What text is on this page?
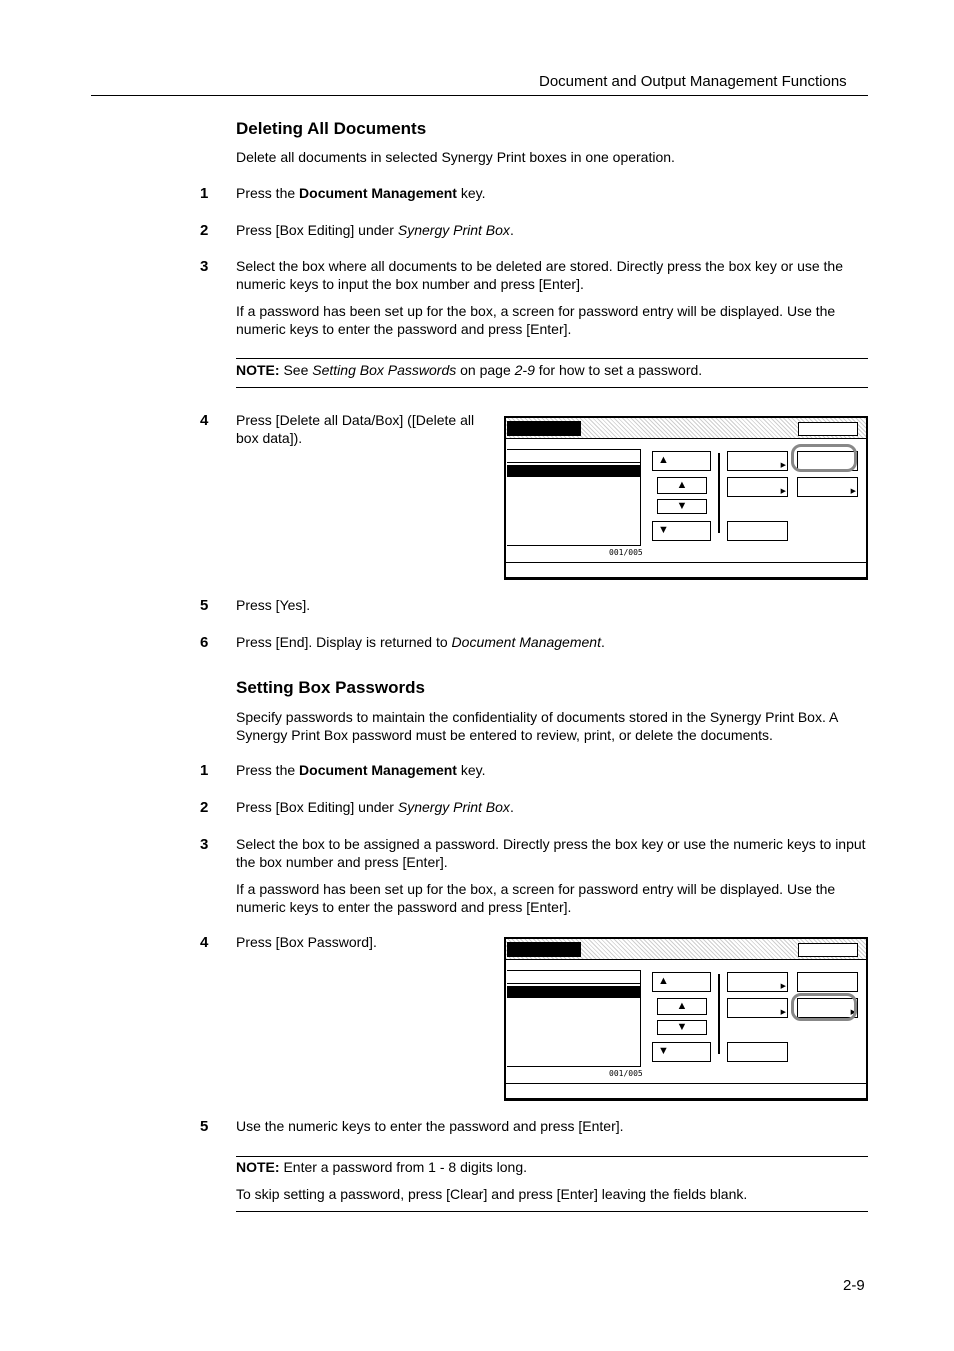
Document and Output Management Functions
Deleting All Documents
Delete all documents in selected Synergy Print boxes in one operation.
1 Press the Document Management key.
2 Press [Box Editing] under Synergy Print Box.
3 Select the box where all documents to be deleted are stored. Directly press the box key or use the numeric keys to input the box number and press [Enter].
If a password has been set up for the box, a screen for password entry will be displayed. Use the numeric keys to enter the password and press [Enter].
NOTE: See Setting Box Passwords on page 2-9 for how to set a password.
4 Press [Delete all Data/Box] ([Delete all box data]).
001/005
▲
▲
▼
▼
▶
▶	▶
5 Press [Yes].
6 Press [End]. Display is returned to Document Management.
Setting Box Passwords
Specify passwords to maintain the confidentiality of documents stored in the Synergy Print Box. A Synergy Print Box password must be entered to review, print, or delete the documents.
1 Press the Document Management key.
2 Press [Box Editing] under Synergy Print Box.
3 Select the box to be assigned a password. Directly press the box key or use the numeric keys to input the box number and press [Enter].
If a password has been set up for the box, a screen for password entry will be displayed. Use the numeric keys to enter the password and press [Enter].
4 Press [Box Password].
001/005
▲
▲
▼
▼
▶
▶	▶
5 Use the numeric keys to enter the password and press [Enter].
NOTE: Enter a password from 1 - 8 digits long.
To skip setting a password, press [Clear] and press [Enter] leaving the fields blank.
2-9
